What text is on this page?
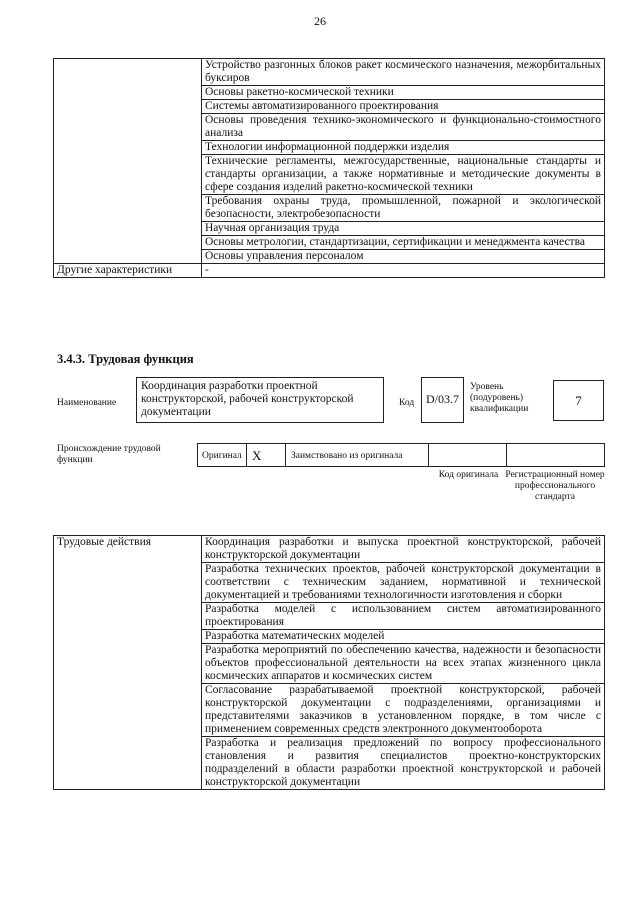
26
	Устройство разгонных блоков ракет космического назначения, межорбитальных буксиров
	Основы ракетно-космической техники
	Системы автоматизированного проектирования
	Основы проведения технико-экономического и функционально-стоимостного анализа
	Технологии информационной поддержки изделия
	Технические регламенты, межгосударственные, национальные стандарты и стандарты организации, а также нормативные и методические документы в сфере создания изделий ракетно-космической техники
	Требования охраны труда, промышленной, пожарной и экологической безопасности, электробезопасности
	Научная организация труда
	Основы метрологии, стандартизации, сертификации и менеджмента качества
	Основы управления персоналом
Другие характеристики	-
3.4.3. Трудовая функция
Наименование
Координация разработки проектной конструкторской, рабочей конструкторской документации
Код D/03.7
Уровень (подуровень) квалификации
7
Происхождение трудовой функции	Оригинал X	Заимствовано из оригинала
Код оригинала Регистрационный номер профессионального стандарта
Трудовые действия	Координация разработки и выпуска проектной конструкторской, рабочей конструкторской документации
Разработка технических проектов, рабочей конструкторской документации в соответствии с техническим заданием, нормативной и технической документацией и требованиями технологичности изготовления и сборки
Разработка моделей с использованием систем автоматизированного проектирования
Разработка математических моделей
Разработка мероприятий по обеспечению качества, надежности и безопасности объектов профессиональной деятельности на всех этапах жизненного цикла космических аппаратов и космических систем
Согласование разрабатываемой проектной конструкторской, рабочей конструкторской документации с подразделениями, организациями и представителями заказчиков в установленном порядке, в том числе с применением современных средств электронного документооборота
Разработка и реализация предложений по вопросу профессионального становления и развития специалистов проектно-конструкторских подразделений в области разработки проектной конструкторской и рабочей конструкторской документации
